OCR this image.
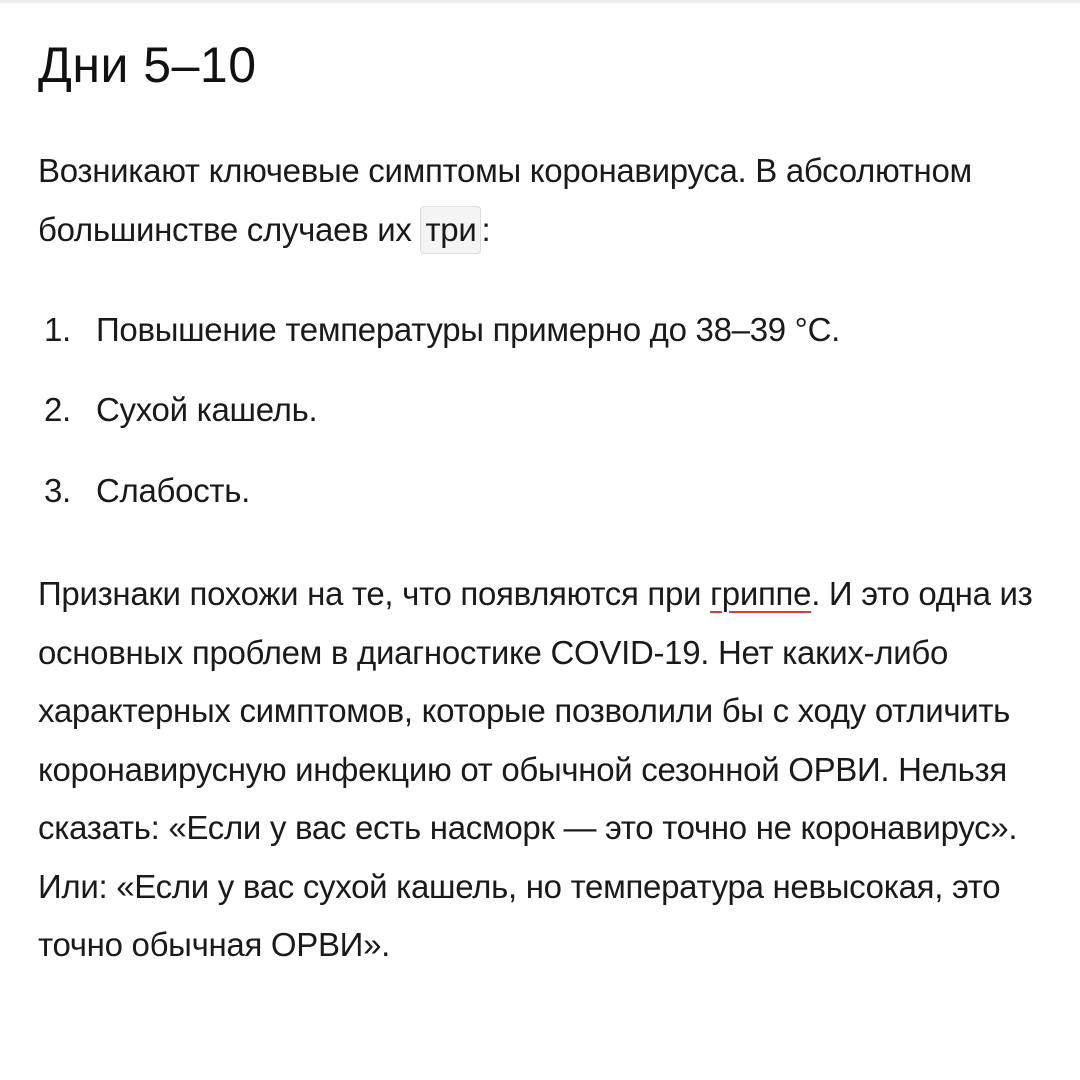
Дни 5–10

Возникают ключевые симптомы коронавируса. В абсолютном большинстве случаев их три :

1. Повышение температуры примерно до 38–39 °С.
2. Сухой кашель.
3. Слабость.

Признаки похожи на те, что появляются при гриппе. И это одна из основных проблем в диагностике COVID-19. Нет каких-либо характерных симптомов, которые позволили бы с ходу отличить коронавирусную инфекцию от обычной сезонной ОРВИ. Нельзя сказать: «Если у вас есть насморк — это точно не коронавирус». Или: «Если у вас сухой кашель, но температура невысокая, это точно обычная ОРВИ».
